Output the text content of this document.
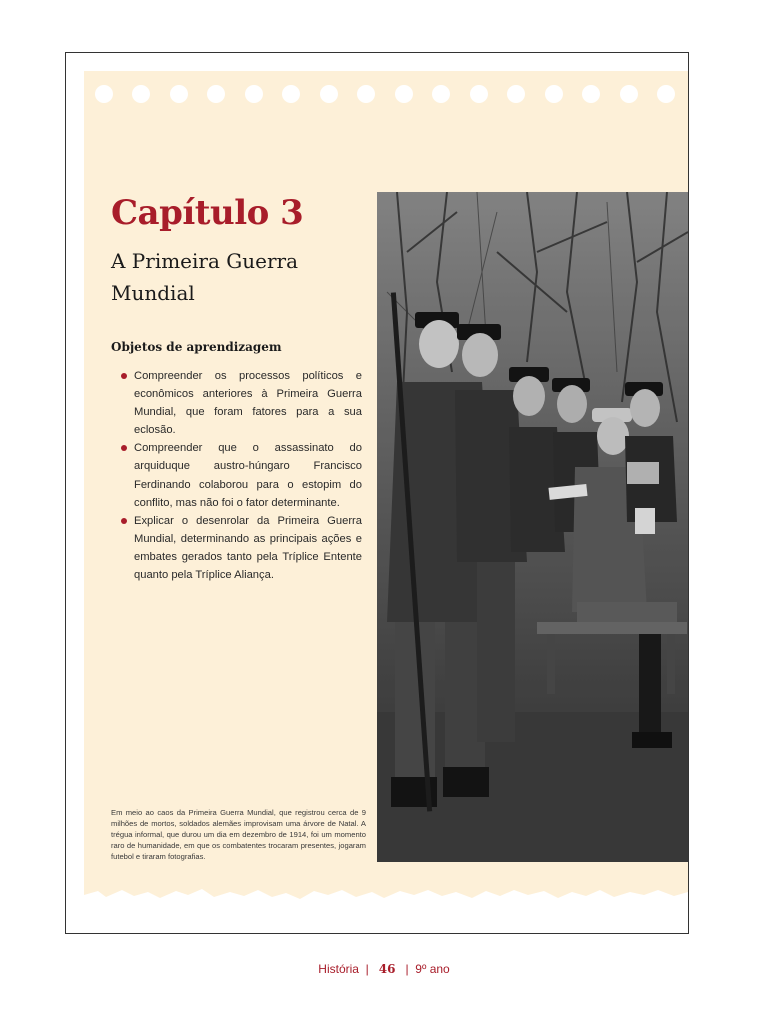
Capítulo 3
A Primeira Guerra Mundial
Objetos de aprendizagem
Compreender os processos políticos e econômicos anteriores à Primeira Guerra Mundial, que foram fatores para a sua eclosão.
Compreender que o assassinato do arquiduque austro-húngaro Francisco Ferdinando colaborou para o estopim do conflito, mas não foi o fator determinante.
Explicar o desenrolar da Primeira Guerra Mundial, determinando as principais ações e embates gerados tanto pela Tríplice Entente quanto pela Tríplice Aliança.

Em meio ao caos da Primeira Guerra Mundial, que registrou cerca de 9 milhões de mortos, soldados alemães improvisam uma árvore de Natal. A trégua informal, que durou um dia em dezembro de 1914, foi um momento raro de humanidade, em que os combatentes trocaram presentes, jogaram futebol e tiraram fotografias.

História  |   46   |  9º ano
